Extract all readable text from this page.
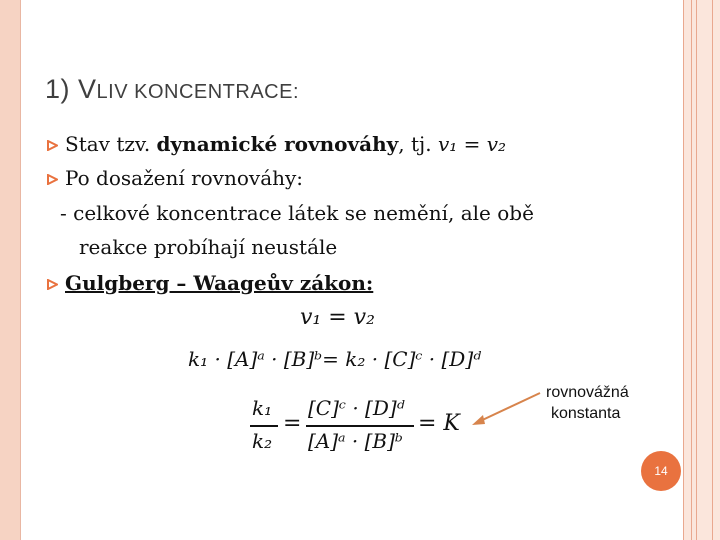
1) VLIV KONCENTRACE:
Stav tzv. dynamické rovnováhy, tj. v₁ = v₂
Po dosažení rovnováhy:
- celkové koncentrace látek se nemění, ale obě
reakce probíhají neustále
Gulgberg – Waageův zákon:
v₁ = v₂
k₁ · [A]ᵃ · [B]ᵇ= k₂ · [C]ᶜ · [D]ᵈ
k₁
k₂
=
[C]ᶜ · [D]ᵈ
[A]ᵃ · [B]ᵇ
= K
rovnovážná
konstanta
14
